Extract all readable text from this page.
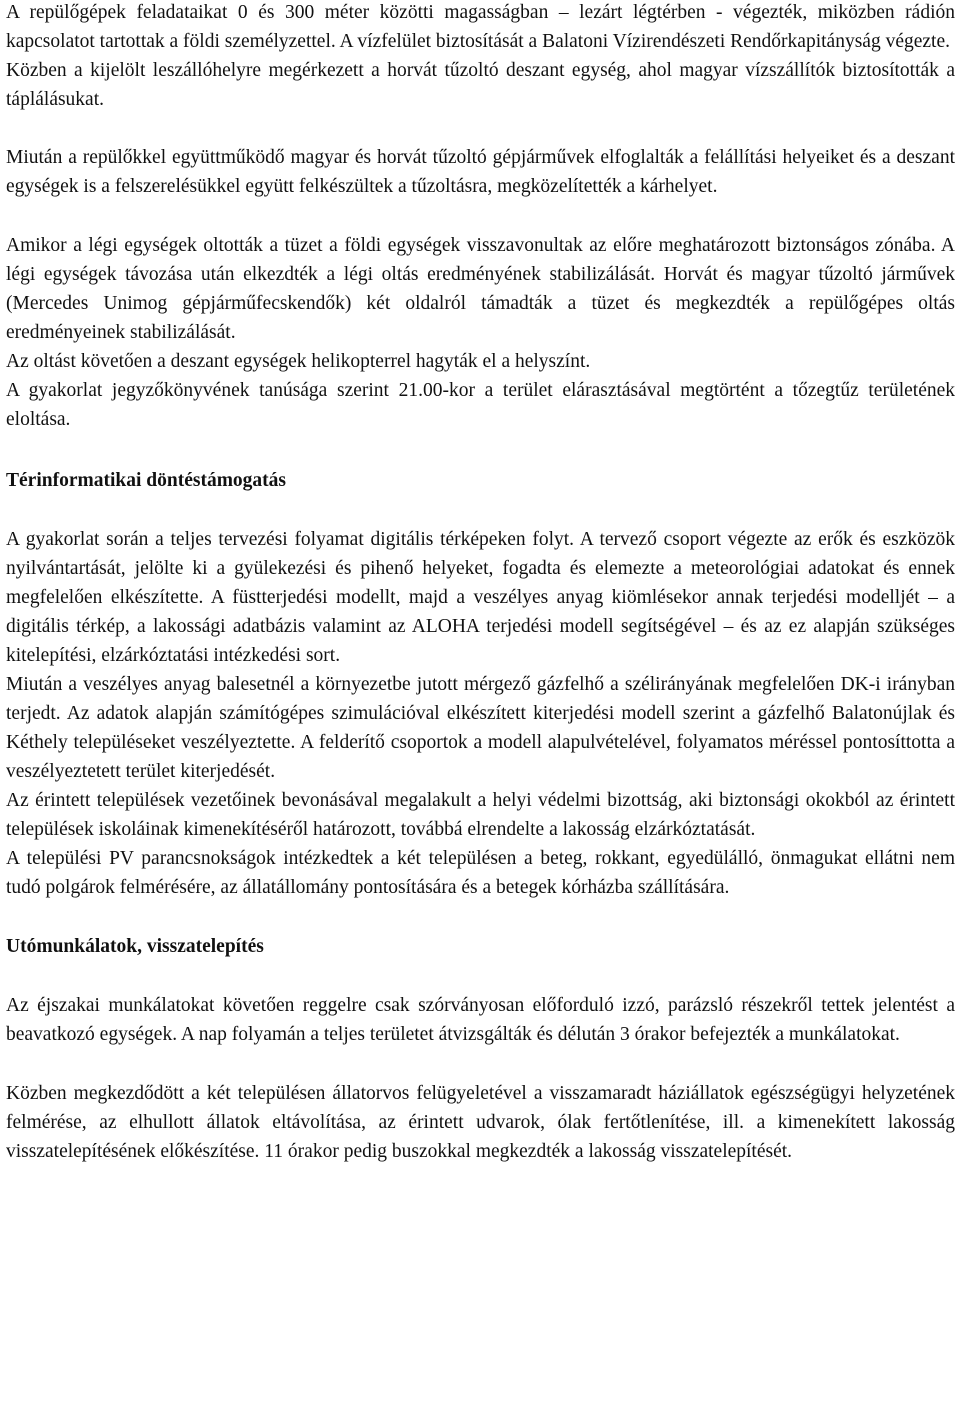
A repülőgépek feladataikat 0 és 300 méter közötti magasságban – lezárt légtérben - végezték, miközben rádión kapcsolatot tartottak a földi személyzettel. A vízfelület biztosítását a Balatoni Vízirendészeti Rendőrkapitányság végezte.

Közben a kijelölt leszállóhelyre megérkezett a horvát tűzoltó deszant egység, ahol magyar vízszállítók biztosították a táplálásukat.

Miután a repülőkkel együttműködő magyar és horvát tűzoltó gépjárművek elfoglalták a felállítási helyeiket és a deszant egységek is a felszerelésükkel együtt felkészültek a tűzoltásra, megközelítették a kárhelyet.

Amikor a légi egységek oltották a tüzet a földi egységek visszavonultak az előre meghatározott biztonságos zónába. A légi egységek távozása után elkezdték a légi oltás eredményének stabilizálását. Horvát és magyar tűzoltó járművek (Mercedes Unimog gépjárműfecskendők) két oldalról támadták a tüzet és megkezdték a repülőgépes oltás eredményeinek stabilizálását.

Az oltást követően a deszant egységek helikopterrel hagyták el a helyszínt.

A gyakorlat jegyzőkönyvének tanúsága szerint 21.00-kor a terület elárasztásával megtörtént a tőzegtűz területének eloltása.

Térinformatikai döntéstámogatás

A gyakorlat során a teljes tervezési folyamat digitális térképeken folyt. A tervező csoport végezte az erők és eszközök nyilvántartását, jelölte ki a gyülekezési és pihenő helyeket, fogadta és elemezte a meteorológiai adatokat és ennek megfelelően elkészítette. A füstterjedési modellt, majd a veszélyes anyag kiömlésekor annak terjedési modelljét – a digitális térkép, a lakossági adatbázis valamint az ALOHA terjedési modell segítségével – és az ez alapján szükséges kitelepítési, elzárkóztatási intézkedési sort.

Miután a veszélyes anyag balesetnél a környezetbe jutott mérgező gázfelhő a szélirányának megfelelően DK-i irányban terjedt. Az adatok alapján számítógépes szimulációval elkészített kiterjedési modell szerint a gázfelhő Balatonújlak és Kéthely településeket veszélyeztette. A felderítő csoportok a modell alapulvételével, folyamatos méréssel pontosíttotta a veszélyeztetett terület kiterjedését.

Az érintett települések vezetőinek bevonásával megalakult a helyi védelmi bizottság, aki biztonsági okokból az érintett települések iskoláinak kimenekítéséről határozott, továbbá elrendelte a lakosság elzárkóztatását.

A települési PV parancsnokságok intézkedtek a két településen a beteg, rokkant, egyedülálló, önmagukat ellátni nem tudó polgárok felmérésére, az állatállomány pontosítására és a betegek kórházba szállítására.

Utómunkálatok, visszatelepítés

Az éjszakai munkálatokat követően reggelre csak szórványosan előforduló izzó, parázsló részekről tettek jelentést a beavatkozó egységek. A nap folyamán a teljes területet átvizsgálták és délután 3 órakor befejezték a munkálatokat.

Közben megkezdődött a két településen állatorvos felügyeletével a visszamaradt háziállatok egészségügyi helyzetének felmérése, az elhullott állatok eltávolítása, az érintett udvarok, ólak fertőtlenítése, ill. a kimenekített lakosság visszatelepítésének előkészítése. 11 órakor pedig buszokkal megkezdték a lakosság visszatelepítését.
